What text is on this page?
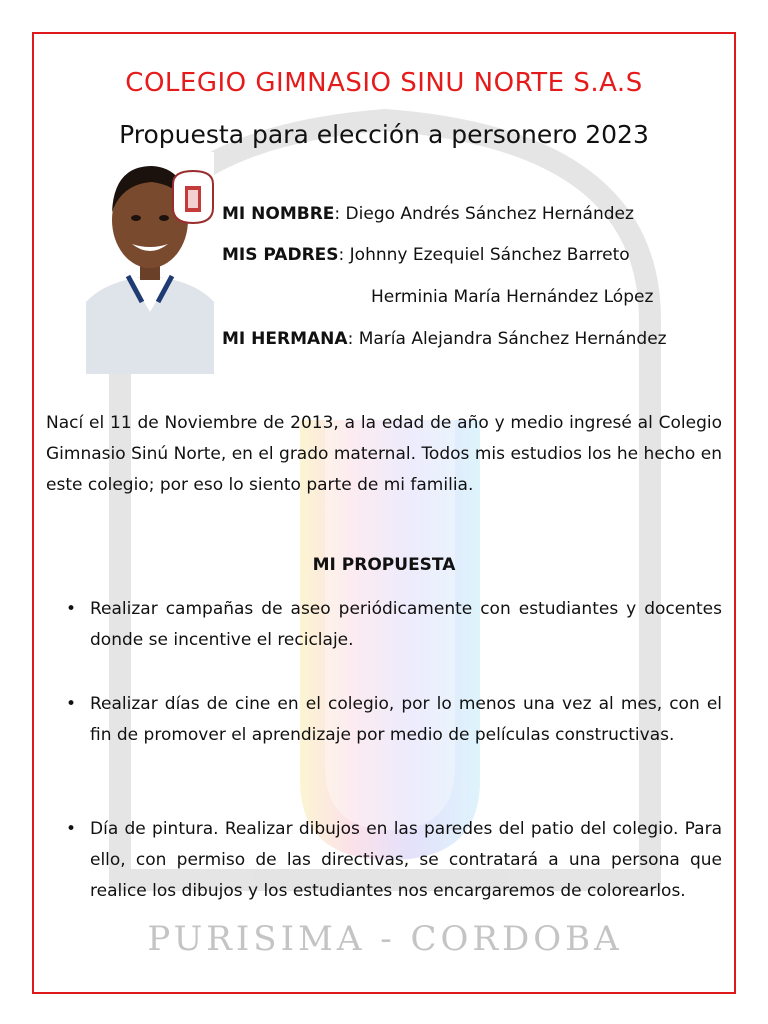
PURISIMA - CORDOBA
COLEGIO GIMNASIO SINU NORTE S.A.S
Propuesta para elección a personero 2023
MI NOMBRE: Diego Andrés Sánchez Hernández
MIS PADRES: Johnny Ezequiel Sánchez Barreto
Herminia María Hernández López
MI HERMANA: María Alejandra Sánchez Hernández
Nací el 11 de Noviembre de 2013, a la edad de año y medio ingresé al Colegio Gimnasio Sinú Norte, en el grado maternal. Todos mis estudios los he hecho en este colegio; por eso lo siento parte de mi familia.
MI PROPUESTA
• Realizar campañas de aseo periódicamente con estudiantes y docentes donde se incentive el reciclaje.
• Realizar días de cine en el colegio, por lo menos una vez al mes, con el fin de promover el aprendizaje por medio de películas constructivas.
• Día de pintura. Realizar dibujos en las paredes del patio del colegio. Para ello, con permiso de las directivas, se contratará a una persona que realice los dibujos y los estudiantes nos encargaremos de colorearlos.
